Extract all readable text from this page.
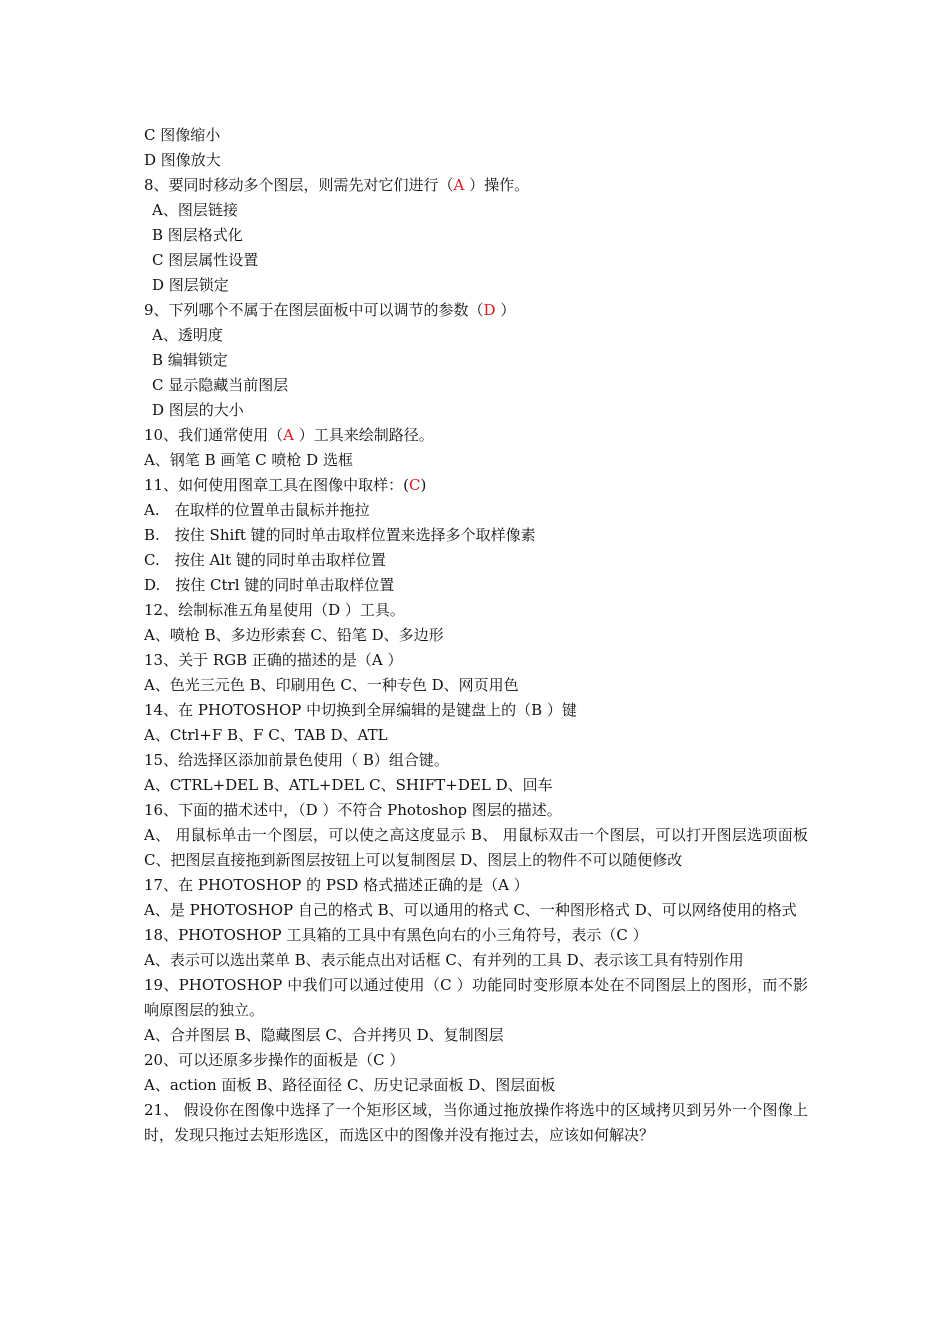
C 图像缩小

D 图像放大

8、要同时移动多个图层，则需先对它们进行（A ）操作。

A、图层链接

B 图层格式化

C 图层属性设置

D 图层锁定

9、下列哪个不属于在图层面板中可以调节的参数（D ）

A、透明度

B 编辑锁定

C 显示隐藏当前图层

D 图层的大小

10、我们通常使用（A ）工具来绘制路径。

A、钢笔 B 画笔 C 喷枪 D 选框

11、如何使用图章工具在图像中取样：(C)

A.　在取样的位置单击鼠标并拖拉

B.　按住 Shift 键的同时单击取样位置来选择多个取样像素

C.　按住 Alt 键的同时单击取样位置

D.　按住 Ctrl 键的同时单击取样位置

12、绘制标准五角星使用（D ）工具。

A、喷枪 B、多边形索套 C、铅笔 D、多边形

13、关于 RGB 正确的描述的是（A ）

A、色光三元色 B、印刷用色 C、一种专色 D、网页用色

14、在 PHOTOSHOP 中切换到全屏编辑的是键盘上的（B ）键

A、Ctrl+F B、F C、TAB D、ATL

15、给选择区添加前景色使用（ B）组合键。

A、CTRL+DEL B、ATL+DEL C、SHIFT+DEL D、回车

16、下面的描术述中，（D ）不符合 Photoshop 图层的描述。

A、 用鼠标单击一个图层，可以使之高这度显示 B、 用鼠标双击一个图层，可以打开图层选项面板 C、把图层直接拖到新图层按钮上可以复制图层 D、图层上的物件不可以随便修改

17、在 PHOTOSHOP 的 PSD 格式描述正确的是（A ）

A、是 PHOTOSHOP 自己的格式 B、可以通用的格式 C、一种图形格式 D、可以网络使用的格式

18、PHOTOSHOP 工具箱的工具中有黑色向右的小三角符号，表示（C ）

A、表示可以选出菜单 B、表示能点出对话框 C、有并列的工具 D、表示该工具有特别作用

19、PHOTOSHOP 中我们可以通过使用（C ）功能同时变形原本处在不同图层上的图形，而不影响原图层的独立。

A、合并图层 B、隐藏图层 C、合并拷贝 D、复制图层

20、可以还原多步操作的面板是（C ）

A、action 面板 B、路径面径 C、历史记录面板 D、图层面板

21、 假设你在图像中选择了一个矩形区域，当你通过拖放操作将选中的区域拷贝到另外一个图像上时，发现只拖过去矩形选区，而选区中的图像并没有拖过去，应该如何解决？
